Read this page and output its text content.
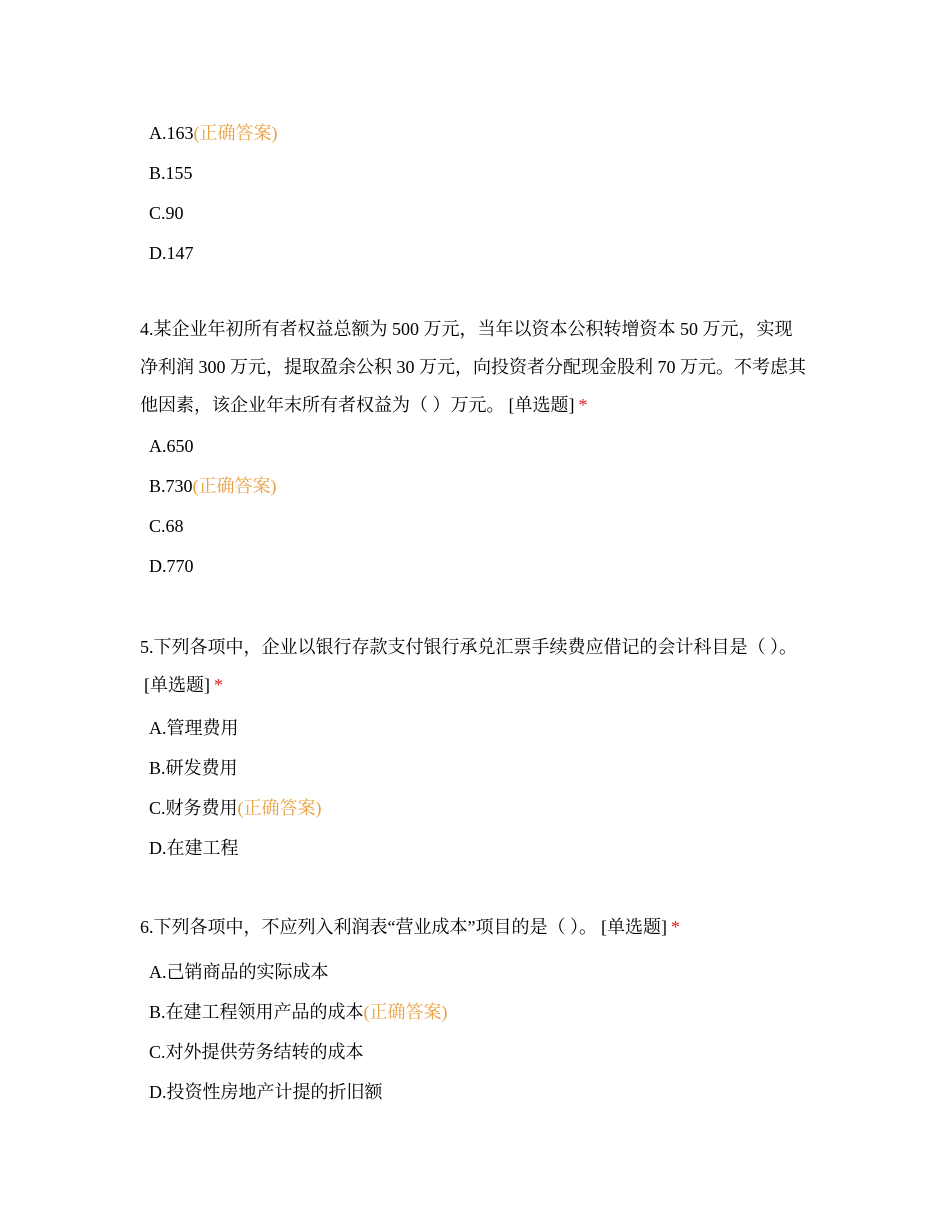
A.163(正确答案)
B.155
C.90
D.147

4.某企业年初所有者权益总额为 500 万元，当年以资本公积转增资本 50 万元，实现净利润 300 万元，提取盈余公积 30 万元，向投资者分配现金股利 70 万元。不考虑其他因素，该企业年末所有者权益为（ ）万元。 [单选题] *

A.650
B.730(正确答案)
C.68
D.770

5.下列各项中，企业以银行存款支付银行承兑汇票手续费应借记的会计科目是（ ）。[单选题] *

A.管理费用
B.研发费用
C.财务费用(正确答案)
D.在建工程

6.下列各项中，不应列入利润表“营业成本”项目的是（ ）。 [单选题] *

A.己销商品的实际成本
B.在建工程领用产品的成本(正确答案)
C.对外提供劳务结转的成本
D.投资性房地产计提的折旧额
